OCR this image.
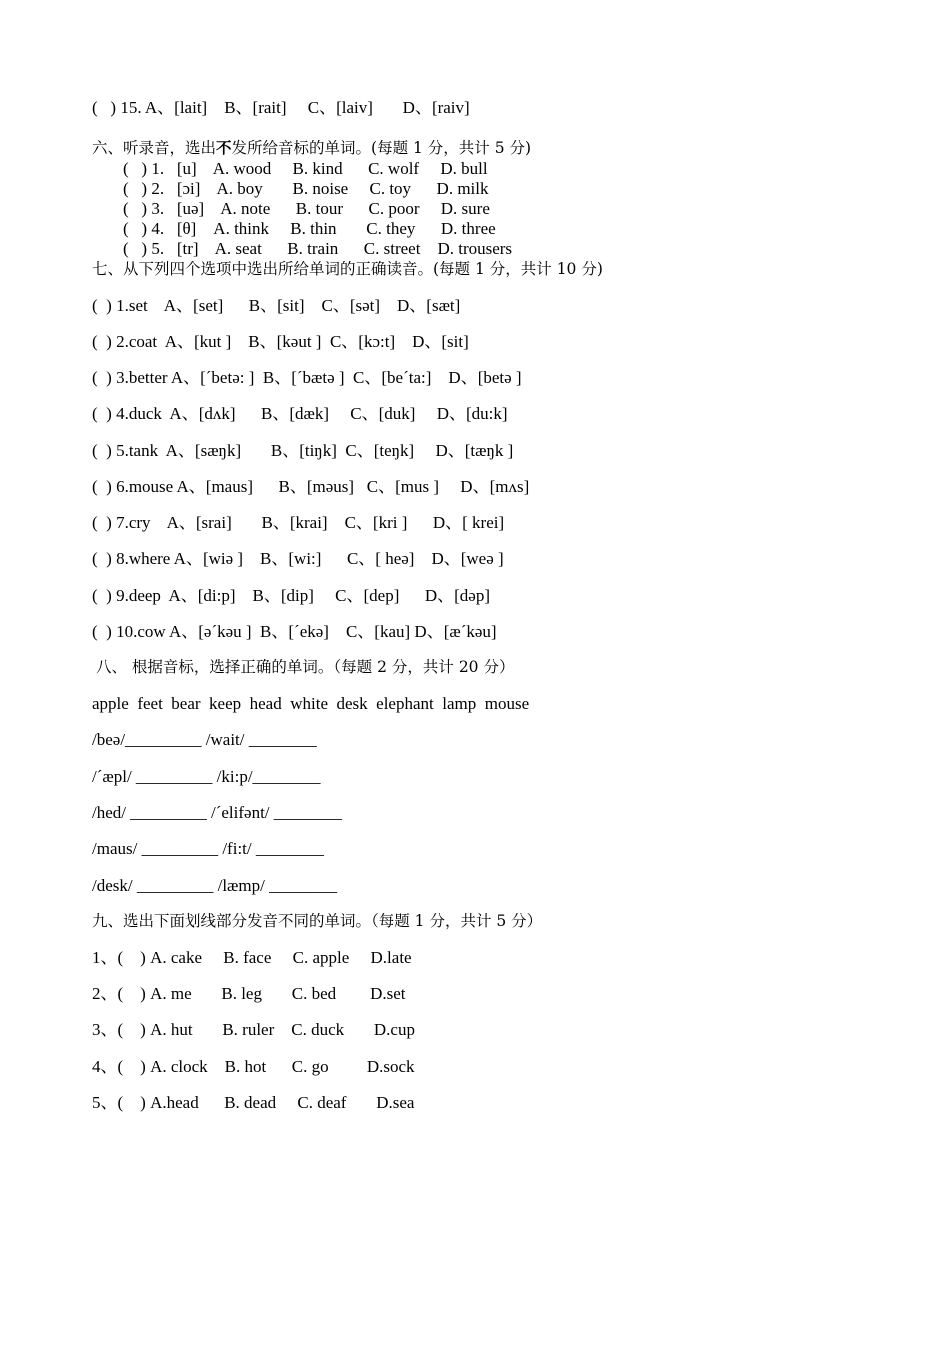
(   ) 15. A、[lait]    B、[rait]     C、[laiv]       D、[raiv]
六、听录音，选出不发所给音标的单词。(每题 1 分，共计 5 分)
(   ) 1.   [u]    A. wood     B. kind      C. wolf     D. bull
(   ) 2.   [ɔi]    A. boy       B. noise     C. toy      D. milk
(   ) 3.   [uə]    A. note      B. tour      C. poor     D. sure
(   ) 4.   [θ]    A. think     B. thin       C. they      D. three
(   ) 5.   [tr]    A. seat      B. train      C. street    D. trousers
七、从下列四个选项中选出所给单词的正确读音。(每题 1 分，共计 10 分)
(  ) 1.set    A、[set]      B、[sit]    C、[sət]    D、[sæt]
(  ) 2.coat  A、[kut ]    B、[kəut ]  C、[kɔ:t]    D、[sit]
(  ) 3.better A、[ˊbetə: ]  B、[ˊbætə ]  C、[beˊta:]    D、[betə ]
(  ) 4.duck  A、[dʌk]      B、[dæk]     C、[duk]     D、[du:k]
(  ) 5.tank  A、[sæŋk]       B、[tiŋk]  C、[teŋk]     D、[tæŋk ]
(  ) 6.mouse A、[maus]      B、[məus]   C、[mus ]     D、[mʌs]
(  ) 7.cry    A、[srai]       B、[krai]    C、[kri ]      D、[ krei]
(  ) 8.where A、[wiə ]    B、[wi:]      C、[ heə]    D、[weə ]
(  ) 9.deep  A、[di:p]    B、[dip]     C、[dep]      D、[dəp]
(  ) 10.cow A、[əˊkəu ]  B、[ˊekə]    C、[kau] D、[æˊkəu]
八、 根据音标，选择正确的单词。（每题 2 分，共计 20 分）
apple  feet  bear  keep  head  white  desk  elephant  lamp  mouse
/beə/_________ /wait/ ________
/ˊæpl/ _________ /ki:p/________
/hed/ _________ /ˊelifənt/ ________
/maus/ _________ /fi:t/ ________
/desk/ _________ /læmp/ ________
九、选出下面划线部分发音不同的单词。（每题 1 分，共计 5 分）
1、(    ) A. cake     B. face     C. apple     D.late
2、(    ) A. me       B. leg       C. bed        D.set
3、(    ) A. hut       B. ruler    C. duck       D.cup
4、(    ) A. clock    B. hot      C. go         D.sock
5、(    ) A.head      B. dead     C. deaf       D.sea
